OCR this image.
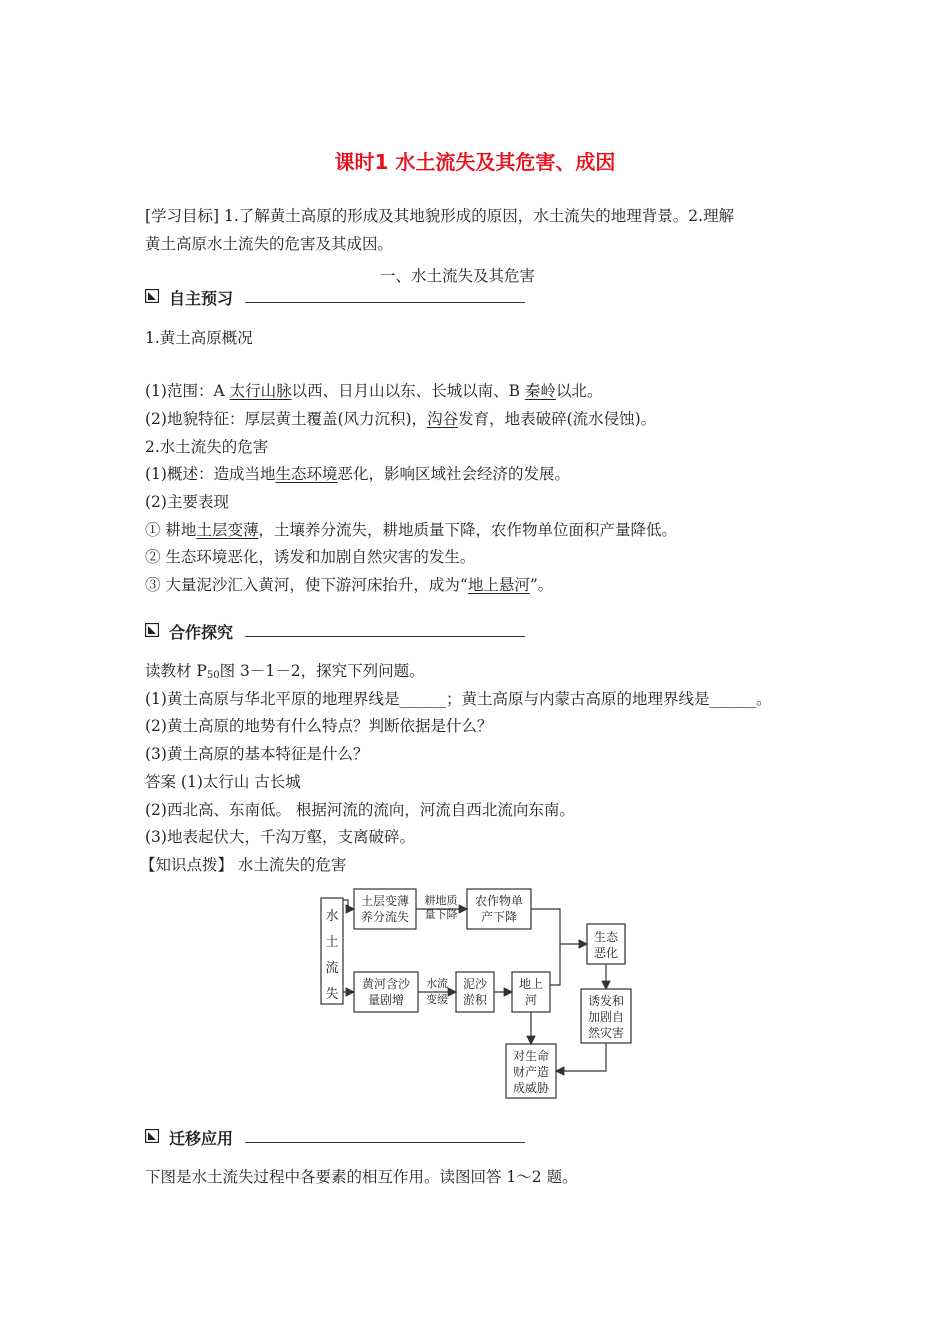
课时1 水土流失及其危害、成因
[学习目标] 1.了解黄土高原的形成及其地貌形成的原因，水土流失的地理背景。2.理解
黄土高原水土流失的危害及其成因。
一、水土流失及其危害
自主预习
1.黄土高原概况
(1)范围：A 太行山脉以西、日月山以东、长城以南、B 秦岭以北。
(2)地貌特征：厚层黄土覆盖(风力沉积)，沟谷发育，地表破碎(流水侵蚀)。
2.水土流失的危害
(1)概述：造成当地生态环境恶化，影响区域社会经济的发展。
(2)主要表现
① 耕地土层变薄，土壤养分流失，耕地质量下降，农作物单位面积产量降低。
② 生态环境恶化，诱发和加剧自然灾害的发生。
③ 大量泥沙汇入黄河，使下游河床抬升，成为“地上悬河”。
合作探究
读教材 $P_{50}$图 3－1－2，探究下列问题。
(1)黄土高原与华北平原的地理界线是______；黄土高原与内蒙古高原的地理界线是______。
(2)黄土高原的地势有什么特点？判断依据是什么？
(3)黄土高原的基本特征是什么？
答案 (1)太行山 古长城
(2)西北高、东南低。 根据河流的流向，河流自西北流向东南。
(3)地表起伏大，千沟万壑，支离破碎。
【知识点拨】 水土流失的危害
水
土
流
失
土层变薄
养分流失
耕地质
量下降
农作物单
产下降
生态
恶化
黄河含沙
量剧增
水流
变缓
泥沙
淤积
地上
河	诱发和
加剧自
然灾害
对生命
财产造
成威胁
迁移应用
下图是水土流失过程中各要素的相互作用。读图回答 1～2 题。
